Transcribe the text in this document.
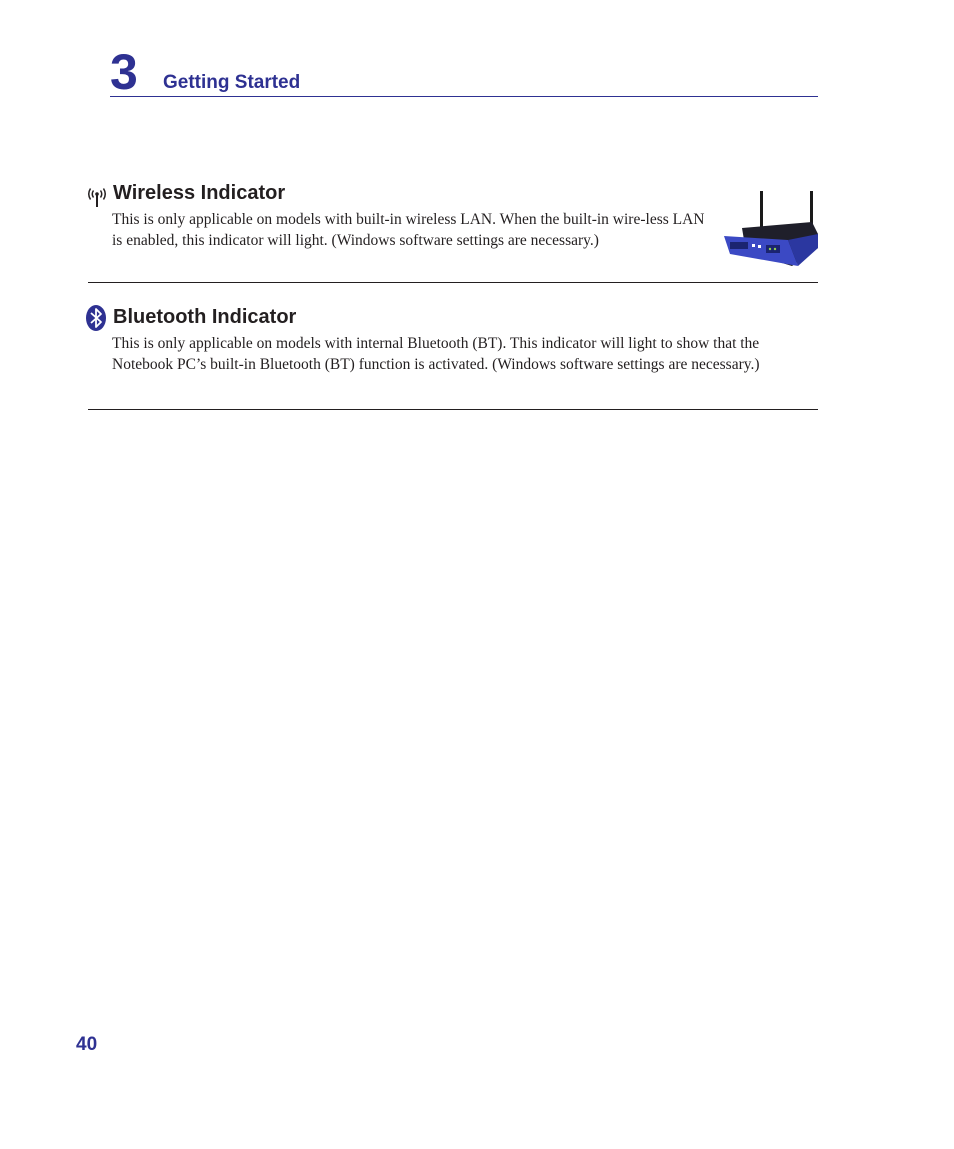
3 Getting Started
Wireless Indicator
This is only applicable on models with built-in wireless LAN. When the built-in wire-less LAN is enabled, this indicator will light. (Windows software settings are necessary.)
Bluetooth Indicator
This is only applicable on models with internal Bluetooth (BT). This indicator will light to show that the Notebook PC’s built-in Bluetooth (BT) function is activated. (Windows software settings are necessary.)
40
